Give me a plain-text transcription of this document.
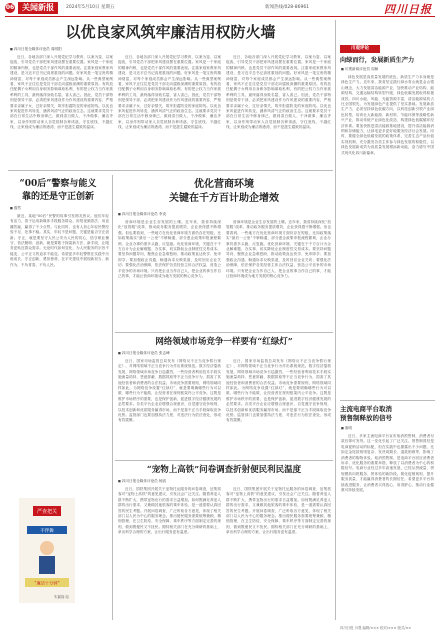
06 关闻新报	2024年5月10日 星期五	新闻热线/028-86961	四川日报
以优良家风筑牢廉洁用权防火墙
■ 四川日报全媒体评论员 周明阳

近日，各地各部门深入开展党纪学习教育，以案为鉴、以案促改，引导党员干部把家风建设摆在重要位置。家风是一个家庭的精神内核，也是党员干部作风的重要表现。注重家庭家教家风建设，是习近平总书记高度重视的问题。好家风是一笔宝贵的精神财富，对每个家庭成员都会产生深远影响。从一些典型案例看，家风不正往往是党员干部走向腐败深渊的重要原因。有的放任配偶子女利用自身职务影响谋取私利，有的把公权力当作家族牟利的工具，最终落得身败名裂、害人害己。因此，党员干部特别是领导干部，必须把家风建设作为作风建设的重要内容，严格要求亲属子女，过好亲情关，筑牢拒腐防变的家庭防线。以优良家风促进作风转变，涵养风清气正的政治生态。这就要求党员干部在日常生活中修身律己，做到清白做人、干净做事，廉洁齐家，以身作则带动家人自觉抵制各种诱惑，守住底线、不越红线，让家庭成为廉洁的港湾，而不是滋生腐败的温床。

近日，各地各部门深入开展党纪学习教育，以案为鉴、以案促改，引导党员干部把家风建设摆在重要位置。家风是一个家庭的精神内核，也是党员干部作风的重要表现。注重家庭家教家风建设，是习近平总书记高度重视的问题。好家风是一笔宝贵的精神财富，对每个家庭成员都会产生深远影响。从一些典型案例看，家风不正往往是党员干部走向腐败深渊的重要原因。有的放任配偶子女利用自身职务影响谋取私利，有的把公权力当作家族牟利的工具，最终落得身败名裂、害人害己。因此，党员干部特别是领导干部，必须把家风建设作为作风建设的重要内容，严格要求亲属子女，过好亲情关，筑牢拒腐防变的家庭防线。以优良家风促进作风转变，涵养风清气正的政治生态。这就要求党员干部在日常生活中修身律己，做到清白做人、干净做事，廉洁齐家，以身作则带动家人自觉抵制各种诱惑，守住底线、不越红线，让家庭成为廉洁的港湾，而不是滋生腐败的温床。

近日，各地各部门深入开展党纪学习教育，以案为鉴、以案促改，引导党员干部把家风建设摆在重要位置。家风是一个家庭的精神内核，也是党员干部作风的重要表现。注重家庭家教家风建设，是习近平总书记高度重视的问题。好家风是一笔宝贵的精神财富，对每个家庭成员都会产生深远影响。从一些典型案例看，家风不正往往是党员干部走向腐败深渊的重要原因。有的放任配偶子女利用自身职务影响谋取私利，有的把公权力当作家族牟利的工具，最终落得身败名裂、害人害己。因此，党员干部特别是领导干部，必须把家风建设作为作风建设的重要内容，严格要求亲属子女，过好亲情关，筑牢拒腐防变的家庭防线。以优良家风促进作风转变，涵养风清气正的政治生态。这就要求党员干部在日常生活中修身律己，做到清白做人、干净做事，廉洁齐家，以身作则带动家人自觉抵制各种诱惑，守住底线、不越红线，让家庭成为廉洁的港湾，而不是滋生腐败的温床。

“00后”警察与能义
靠的还是守正创新
■ 蔚然

最近，某地“00后”民警的故事引发网友热议。他们年轻有活力，善于运用新媒体手段服务群众，用短视频普法、用直播答疑，赢得了不少点赞。与此同时，也有人担心年轻民警经验不足、处事不稳。其实，年轻不是问题，关键是能否守正创新。守正，就是要坚守人民公安为人民的初心，恪守职业操守，依法履职；创新，就是要敢于探索新方法、新手段，让服务更贴近群众需求。无论时代如何变化，为人民服务的宗旨不能变，公平正义的追求不能变。希望更多年轻警察在实践中历练成长，守正创新，勇担使命，在平安建设中展现新担当、新作为，不负青春、不负人民。

严查把关
不伴舞
“廉洁十分钟”
朱翼翔 绘
优化营商环境
关键在千方百计助企增效
■ 四川日报全媒体评论员 李炎

营商环境是企业生存发展的土壤。近年来，我省持续深化“放管服”改革，推动政务服务提质增效，企业获得感不断增强。但也要看到，一些地方在优化营商环境方面仍存在短板，比如政策落实“最后一公里”不够畅通，部分惠企政策申报流程繁琐，企业办事仍需多头跑、反复跑。优化营商环境，关键在于千方百计为企业解难题、办实事，切实降低企业制度性交易成本。要坚持问题导向，聚焦企业急难愁盼，推动政策直达快享、免申即享；要加强政企沟通，畅通诉求反映渠道，及时回应企业关切；要强化法治保障，依法保护各类经营主体合法权益，营造公平竞争的市场环境。只有把企业当作自己人，把企业的事当作自己的事，才能让营商环境成为地方发展的核心竞争力。

营商环境是企业生存发展的土壤。近年来，我省持续深化“放管服”改革，推动政务服务提质增效，企业获得感不断增强。但也要看到，一些地方在优化营商环境方面仍存在短板，比如政策落实“最后一公里”不够畅通，部分惠企政策申报流程繁琐，企业办事仍需多头跑、反复跑。优化营商环境，关键在于千方百计为企业解难题、办实事，切实降低企业制度性交易成本。要坚持问题导向，聚焦企业急难愁盼，推动政策直达快享、免申即享；要加强政企沟通，畅通诉求反映渠道，及时回应企业关切；要强化法治保障，依法保护各类经营主体合法权益，营造公平竞争的市场环境。只有把企业当作自己人，把企业的事当作自己的事，才能让营商环境成为地方发展的核心竞争力。

网络领域市场竞争一样要有“红绿灯”
■ 四川日报全媒体评论员 张志峰

近日，国家市场监管总局发布《网络反不正当竞争暂行规定》，对网络领域不正当竞争行为作出系统规范。数字经济蓬勃发展，网络领域市场竞争日趋激烈，一些经营者利用技术手段实施流量劫持、恶意屏蔽、数据抓取等不正当竞争行为，损害了其他经营者和消费者的合法权益。市场竞争需要规则，网络领域同样如此。为网络竞争设置“红绿灯”，就是要明确哪些行为可以做、哪些行为不能做，让经营者在规则框架内公平竞争。这既是维护市场秩序的需要，也是保护创新、促进数字经济健康发展的必然要求。各类平台企业应增强合规意识，自觉遵守竞争规则，以技术创新和优质服务赢得市场，而不是靠不正当手段谋取竞争优势。监管部门也要加强执法力度，对违法行为依法查处，形成有效震慑。

近日，国家市场监管总局发布《网络反不正当竞争暂行规定》，对网络领域不正当竞争行为作出系统规范。数字经济蓬勃发展，网络领域市场竞争日趋激烈，一些经营者利用技术手段实施流量劫持、恶意屏蔽、数据抓取等不正当竞争行为，损害了其他经营者和消费者的合法权益。市场竞争需要规则，网络领域同样如此。为网络竞争设置“红绿灯”，就是要明确哪些行为可以做、哪些行为不能做，让经营者在规则框架内公平竞争。这既是维护市场秩序的需要，也是保护创新、促进数字经济健康发展的必然要求。各类平台企业应增强合规意识，自觉遵守竞争规则，以技术创新和优质服务赢得市场，而不是靠不正当手段谋取竞争优势。监管部门也要加强执法力度，对违法行为依法查处，形成有效震慑。

“宠物上高铁”问卷调查折射便民利民温度
■ 四川日报全媒体评论员 杨凯

近日，国铁集团开展关于宠物托运服务的问卷调查，征集旅客对“宠物上高铁”的意见建议，引发社会广泛关注。随着养宠人群不断扩大，携带宠物出行的需求日益增加。如何既满足养宠人群的出行需求，又兼顾其他旅客的乘车体验，是一道需要认真回答的民生考题。开展问卷调查，广泛听取各方意见，体现了相关部门以人民为中心的服务理念。推出便民服务需要统筹兼顾、精细管理，在卫生防疫、安全保障、乘车秩序等方面制定完善的规则，做到既便民又不扰民。期待相关部门在充分调研的基础上，拿出科学合理的方案，让出行服务更有温度。

近日，国铁集团开展关于宠物托运服务的问卷调查，征集旅客对“宠物上高铁”的意见建议，引发社会广泛关注。随着养宠人群不断扩大，携带宠物出行的需求日益增加。如何既满足养宠人群的出行需求，又兼顾其他旅客的乘车体验，是一道需要认真回答的民生考题。开展问卷调查，广泛听取各方意见，体现了相关部门以人民为中心的服务理念。推出便民服务需要统筹兼顾、精细管理，在卫生防疫、安全保障、乘车秩序等方面制定完善的规则，做到既便民又不扰民。期待相关部门在充分调研的基础上，拿出科学合理的方案，让出行服务更有温度。

川观评论
向绿而行，发展新质生产力
■ 川观新闻评论员 周畅

绿色发展是高质量发展的底色，新质生产力本身就是绿色生产力。近年来，我省坚定践行绿水青山就是金山银山理念，大力发展清洁能源产业，加快推动产业结构、能源结构、交通运输结构转型升级，绿色低碳发展取得积极成效。四川水能、风能、光能资源丰富，清洁能源装机占比全国领先，为发展绿色产业提供了坚实基础。发展新质生产力，必须坚持绿色低碳方向，以科技创新引领产业绿色转型，培育壮大新能源、新材料、节能环保等战略性新兴产业，推动传统产业绿色化改造，构建绿色低碳循环经济体系。要加快推进清洁能源基地建设，提升清洁能源消纳和存储能力，让绿电更多更好地服务经济社会发展。同时，要健全绿色低碳发展的政策体系，完善生态产品价值实现机制，充分激发各类主体参与绿色发展的积极性，以绿色发展新成效为高质量发展增添新动能，奋力谱写中国式现代化四川新篇章。

主流电商平台取消
预售制释放的信号
■ 唐明

近日，多家主流电商平台宣布取消预售制，消费者付款后即可发货。这一变化引起了广泛关注。预售制曾经是电商促销活动的标配，但在实践中也暴露出不少问题，比如定金尾款规则复杂、发货周期长、退款困难等，影响了消费者的购物体验。取消预售制，是电商平台回应消费者诉求、优化服务的重要举措，释放了以消费者为中心的积极信号。电商行业经过多年高速发展，已经从拼流量、拼规模转向拼服务、拼体验的新阶段。简化促销规则、提升服务质量，才能赢得消费者的长期信任。希望更多平台持续改进服务，让消费者买得放心、用得舒心，推动行业健康可持续发展。

四川日报 川观 编辑/××× 校对/××× 版式/××
